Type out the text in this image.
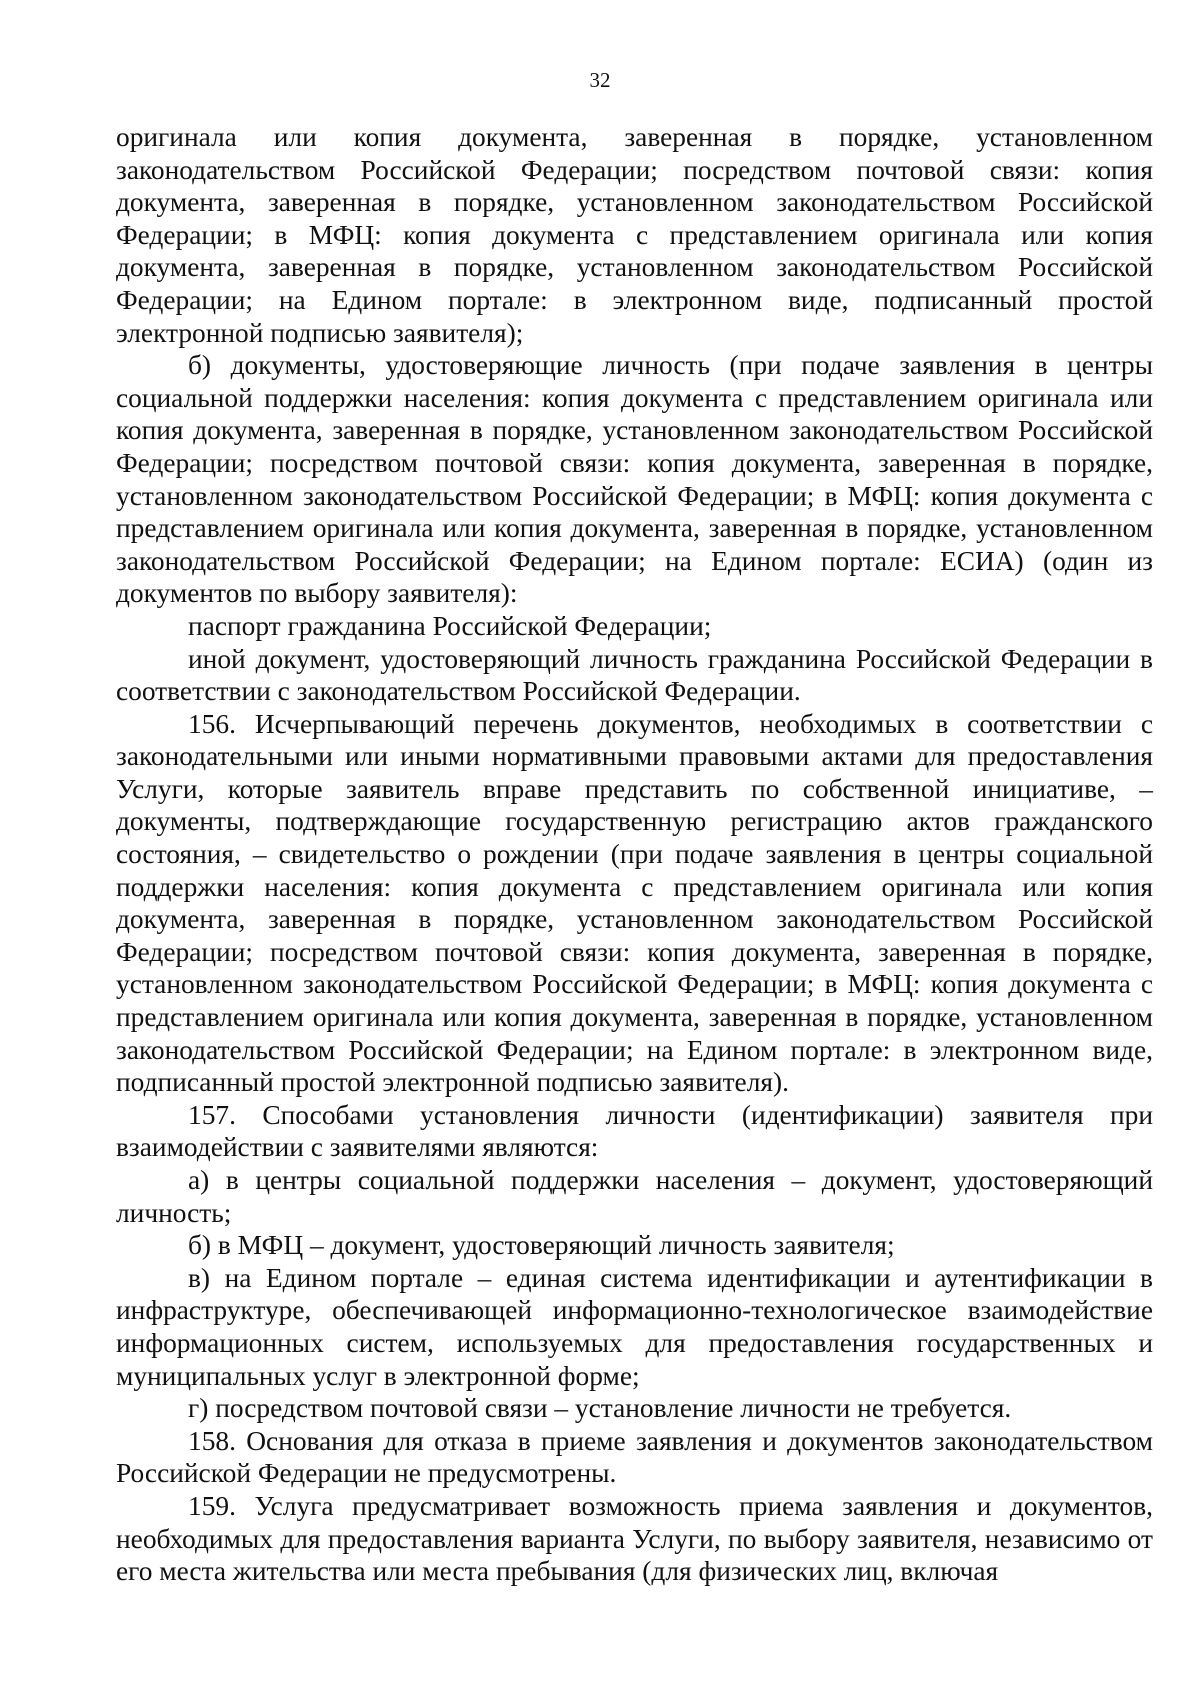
32

оригинала или копия документа, заверенная в порядке, установленном законодательством Российской Федерации; посредством почтовой связи: копия документа, заверенная в порядке, установленном законодательством Российской Федерации; в МФЦ: копия документа с представлением оригинала или копия документа, заверенная в порядке, установленном законодательством Российской Федерации; на Едином портале: в электронном виде, подписанный простой электронной подписью заявителя);

б) документы, удостоверяющие личность (при подаче заявления в центры социальной поддержки населения: копия документа с представлением оригинала или копия документа, заверенная в порядке, установленном законодательством Российской Федерации; посредством почтовой связи: копия документа, заверенная в порядке, установленном законодательством Российской Федерации; в МФЦ: копия документа с представлением оригинала или копия документа, заверенная в порядке, установленном законодательством Российской Федерации; на Едином портале: ЕСИА) (один из документов по выбору заявителя):

паспорт гражданина Российской Федерации;

иной документ, удостоверяющий личность гражданина Российской Федерации в соответствии с законодательством Российской Федерации.

156. Исчерпывающий перечень документов, необходимых в соответствии с законодательными или иными нормативными правовыми актами для предоставления Услуги, которые заявитель вправе представить по собственной инициативе, – документы, подтверждающие государственную регистрацию актов гражданского состояния, – свидетельство о рождении (при подаче заявления в центры социальной поддержки населения: копия документа с представлением оригинала или копия документа, заверенная в порядке, установленном законодательством Российской Федерации; посредством почтовой связи: копия документа, заверенная в порядке, установленном законодательством Российской Федерации; в МФЦ: копия документа с представлением оригинала или копия документа, заверенная в порядке, установленном законодательством Российской Федерации; на Едином портале: в электронном виде, подписанный простой электронной подписью заявителя).

157. Способами установления личности (идентификации) заявителя при взаимодействии с заявителями являются:

а) в центры социальной поддержки населения – документ, удостоверяющий личность;

б) в МФЦ – документ, удостоверяющий личность заявителя;

в) на Едином портале – единая система идентификации и аутентификации в инфраструктуре, обеспечивающей информационно-технологическое взаимодействие информационных систем, используемых для предоставления государственных и муниципальных услуг в электронной форме;

г) посредством почтовой связи – установление личности не требуется.

158. Основания для отказа в приеме заявления и документов законодательством Российской Федерации не предусмотрены.

159. Услуга предусматривает возможность приема заявления и документов, необходимых для предоставления варианта Услуги, по выбору заявителя, независимо от его места жительства или места пребывания (для физических лиц, включая
